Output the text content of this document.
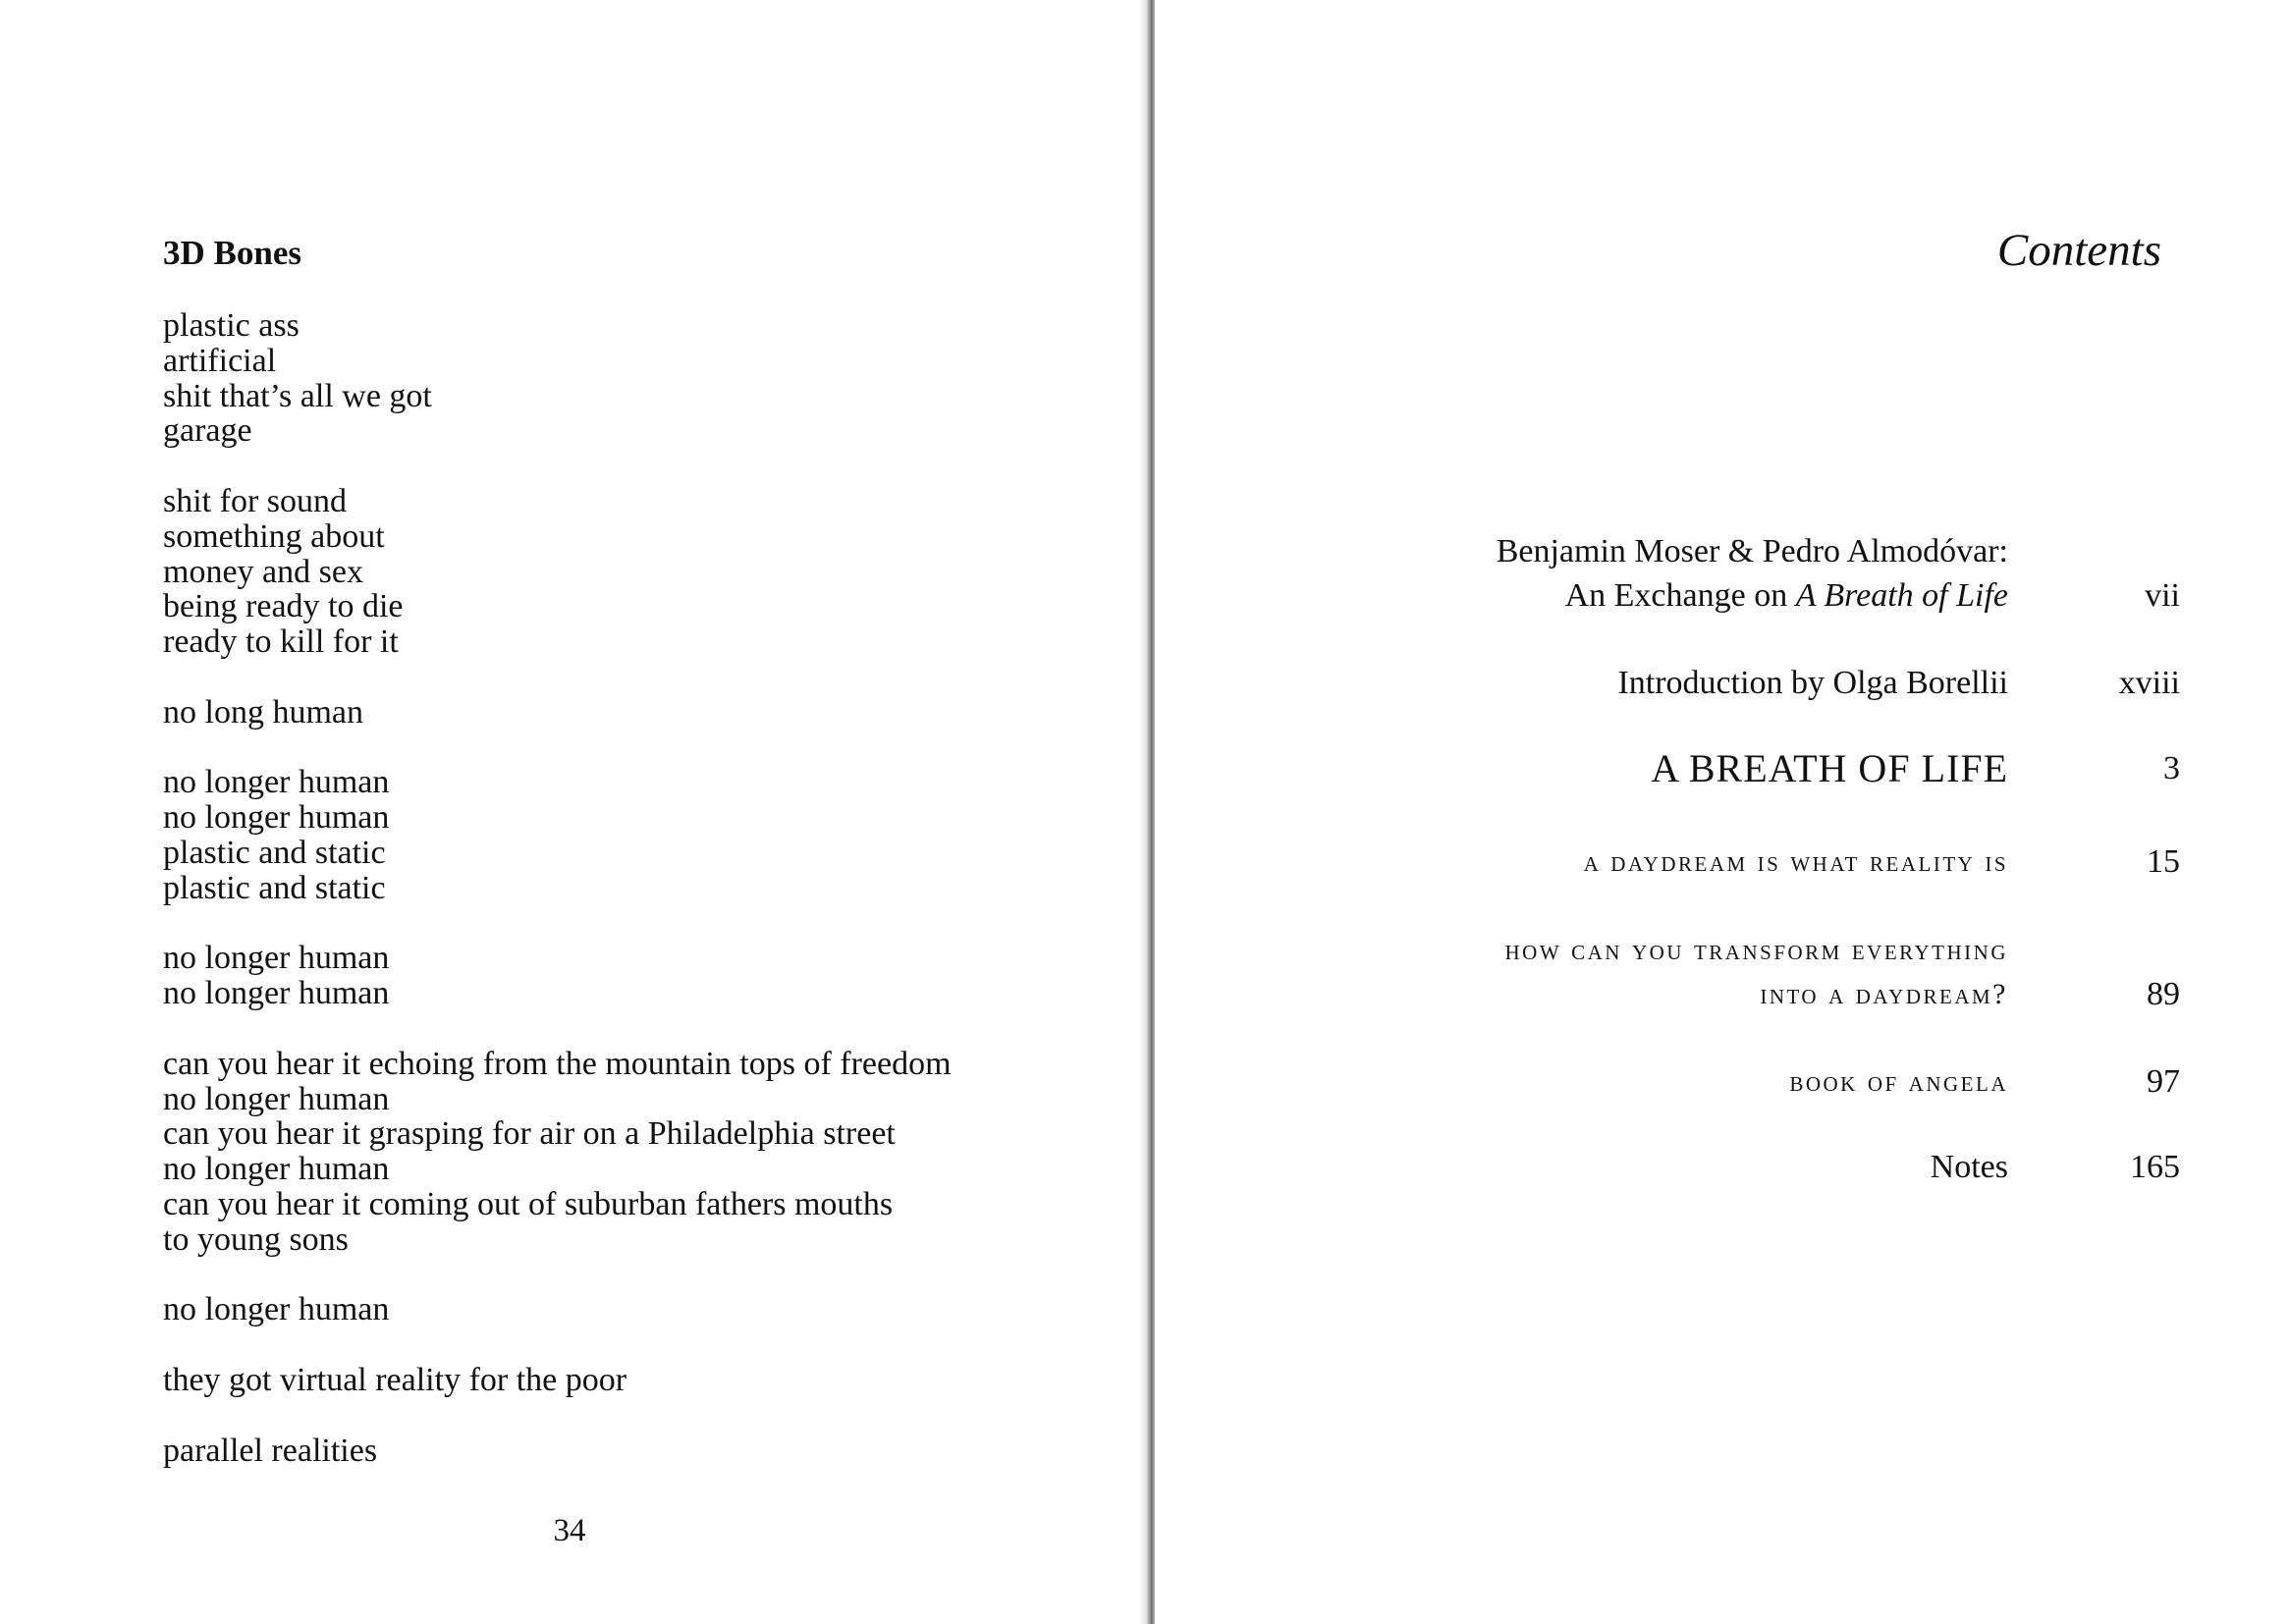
3D Bones
plastic ass
artificial
shit that’s all we got
garage
shit for sound
something about
money and sex
being ready to die
ready to kill for it
no long human
no longer human
no longer human
plastic and static
plastic and static
no longer human
no longer human
can you hear it echoing from the mountain tops of freedom
no longer human
can you hear it grasping for air on a Philadelphia street
no longer human
can you hear it coming out of suburban fathers mouths
to young sons
no longer human
they got virtual reality for the poor
parallel realities
34
Contents
Benjamin Moser & Pedro Almodóvar:
An Exchange on A Breath of Life	vii
Introduction by Olga Borellii	xviii
A BREATH OF LIFE	3
a daydream is what reality is	15
how can you transform everything
into a daydream?	89
book of angela	97
Notes	165
